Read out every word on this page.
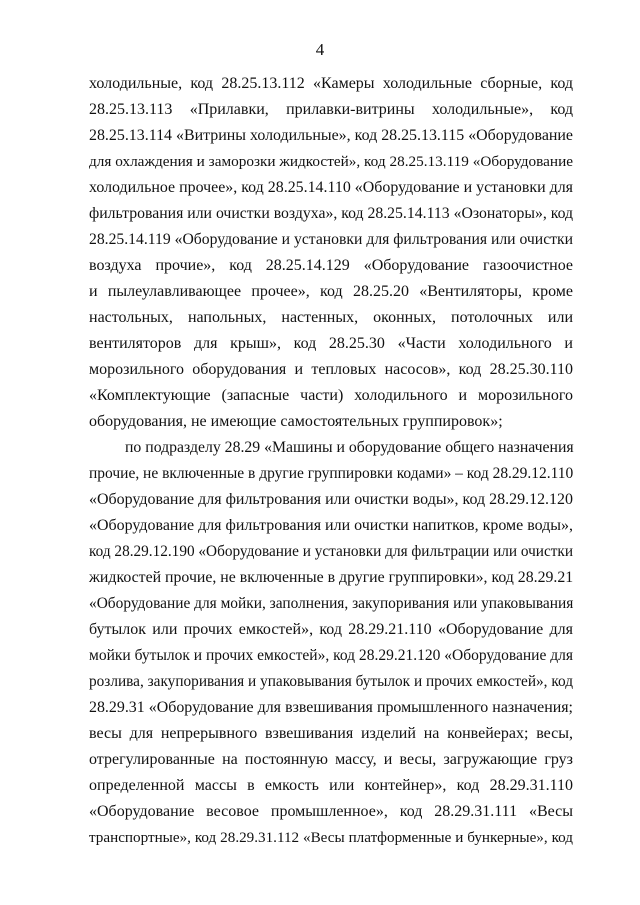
4
холодильные, код 28.25.13.112 «Камеры холодильные сборные, код
28.25.13.113 «Прилавки, прилавки-витрины холодильные», код
28.25.13.114 «Витрины холодильные», код 28.25.13.115 «Оборудование
для охлаждения и заморозки жидкостей», код 28.25.13.119 «Оборудование
холодильное прочее», код 28.25.14.110 «Оборудование и установки для
фильтрования или очистки воздуха», код 28.25.14.113 «Озонаторы», код
28.25.14.119 «Оборудование и установки для фильтрования или очистки
воздуха прочие», код 28.25.14.129 «Оборудование газоочистное
и пылеулавливающее прочее», код 28.25.20 «Вентиляторы, кроме
настольных, напольных, настенных, оконных, потолочных или
вентиляторов для крыш», код 28.25.30 «Части холодильного и
морозильного оборудования и тепловых насосов», код 28.25.30.110
«Комплектующие (запасные части) холодильного и морозильного
оборудования, не имеющие самостоятельных группировок»;
по подразделу 28.29 «Машины и оборудование общего назначения
прочие, не включенные в другие группировки кодами» – код 28.29.12.110
«Оборудование для фильтрования или очистки воды», код 28.29.12.120
«Оборудование для фильтрования или очистки напитков, кроме воды»,
код 28.29.12.190 «Оборудование и установки для фильтрации или очистки
жидкостей прочие, не включенные в другие группировки», код 28.29.21
«Оборудование для мойки, заполнения, закупоривания или упаковывания
бутылок или прочих емкостей», код 28.29.21.110 «Оборудование для
мойки бутылок и прочих емкостей», код 28.29.21.120 «Оборудование для
розлива, закупоривания и упаковывания бутылок и прочих емкостей», код
28.29.31 «Оборудование для взвешивания промышленного назначения;
весы для непрерывного взвешивания изделий на конвейерах; весы,
отрегулированные на постоянную массу, и весы, загружающие груз
определенной массы в емкость или контейнер», код 28.29.31.110
«Оборудование весовое промышленное», код 28.29.31.111 «Весы
транспортные», код 28.29.31.112 «Весы платформенные и бункерные», код
